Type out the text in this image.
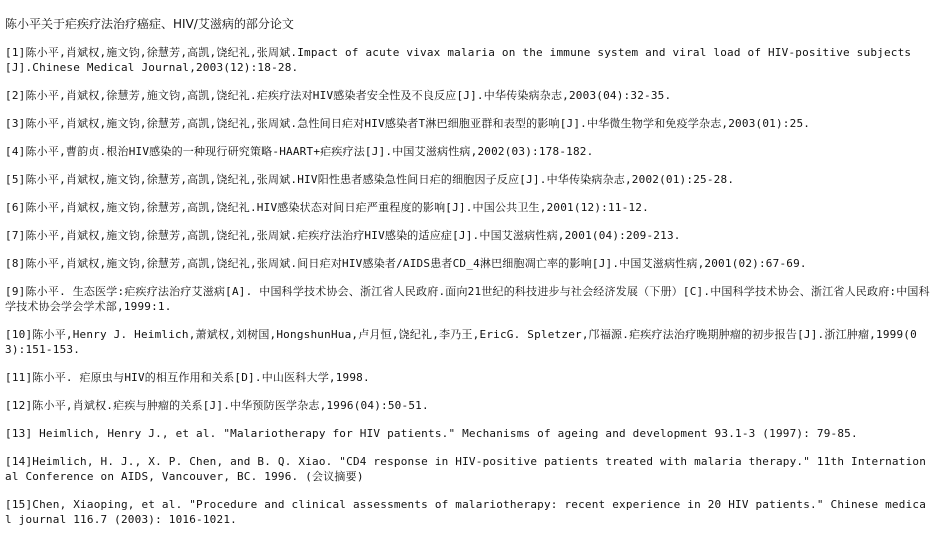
陈小平关于疟疾疗法治疗癌症、HIV/艾滋病的部分论文
[1]陈小平,肖斌权,施文钧,徐慧芳,高凯,饶纪礼,张周斌.Impact of acute vivax malaria on the immune system and viral load of HIV-positive subjects[J].Chinese Medical Journal,2003(12):18-28.
[2]陈小平,肖斌权,徐慧芳,施文钧,高凯,饶纪礼.疟疾疗法对HIV感染者安全性及不良反应[J].中华传染病杂志,2003(04):32-35.
[3]陈小平,肖斌权,施文钧,徐慧芳,高凯,饶纪礼,张周斌.急性间日疟对HIV感染者T淋巴细胞亚群和表型的影响[J].中华微生物学和免疫学杂志,2003(01):25.
[4]陈小平,曹韵贞.根治HIV感染的一种现行研究策略-HAART+疟疾疗法[J].中国艾滋病性病,2002(03):178-182.
[5]陈小平,肖斌权,施文钧,徐慧芳,高凯,饶纪礼,张周斌.HIV阳性患者感染急性间日疟的细胞因子反应[J].中华传染病杂志,2002(01):25-28.
[6]陈小平,肖斌权,施文钧,徐慧芳,高凯,饶纪礼.HIV感染状态对间日疟严重程度的影响[J].中国公共卫生,2001(12):11-12.
[7]陈小平,肖斌权,施文钧,徐慧芳,高凯,饶纪礼,张周斌.疟疾疗法治疗HIV感染的适应症[J].中国艾滋病性病,2001(04):209-213.
[8]陈小平,肖斌权,施文钧,徐慧芳,高凯,饶纪礼,张周斌.间日疟对HIV感染者/AIDS患者CD_4淋巴细胞凋亡率的影响[J].中国艾滋病性病,2001(02):67-69.
[9]陈小平. 生态医学:疟疾疗法治疗艾滋病[A]. 中国科学技术协会、浙江省人民政府.面向21世纪的科技进步与社会经济发展（下册）[C].中国科学技术协会、浙江省人民政府:中国科学技术协会学会学术部,1999:1.
[10]陈小平,Henry J. Heimlich,萧斌权,刘树国,HongshunHua,卢月恒,饶纪礼,李乃王,EricG. Spletzer,邝福源.疟疾疗法治疗晚期肿瘤的初步报告[J].浙江肿瘤,1999(03):151-153.
[11]陈小平. 疟原虫与HIV的相互作用和关系[D].中山医科大学,1998.
[12]陈小平,肖斌权.疟疾与肿瘤的关系[J].中华预防医学杂志,1996(04):50-51.
[13] Heimlich, Henry J., et al. "Malariotherapy for HIV patients." Mechanisms of ageing and development 93.1-3 (1997): 79-85.
[14]Heimlich, H. J., X. P. Chen, and B. Q. Xiao. "CD4 response in HIV-positive patients treated with malaria therapy." 11th International Conference on AIDS, Vancouver, BC. 1996. (会议摘要)
[15]Chen, Xiaoping, et al. "Procedure and clinical assessments of malariotherapy: recent experience in 20 HIV patients." Chinese medical journal 116.7 (2003): 1016-1021.
